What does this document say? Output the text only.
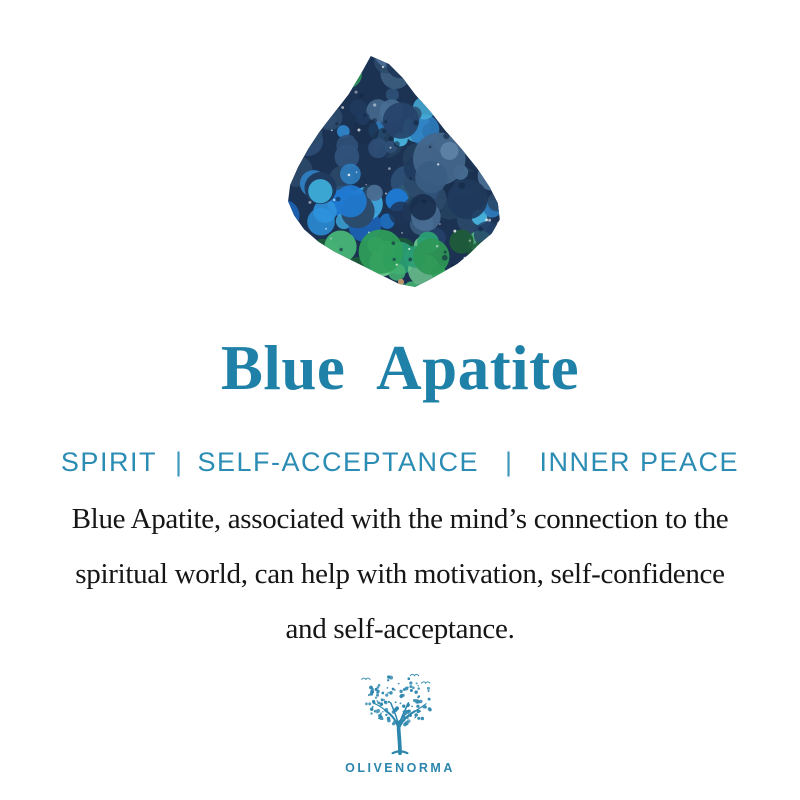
Blue Apatite
SPIRIT | SELF-ACCEPTANCE | INNER PEACE

Blue Apatite, associated with the mind’s connection to the

spiritual world, can help with motivation, self-confidence

and self-acceptance.

OLIVENORMA
